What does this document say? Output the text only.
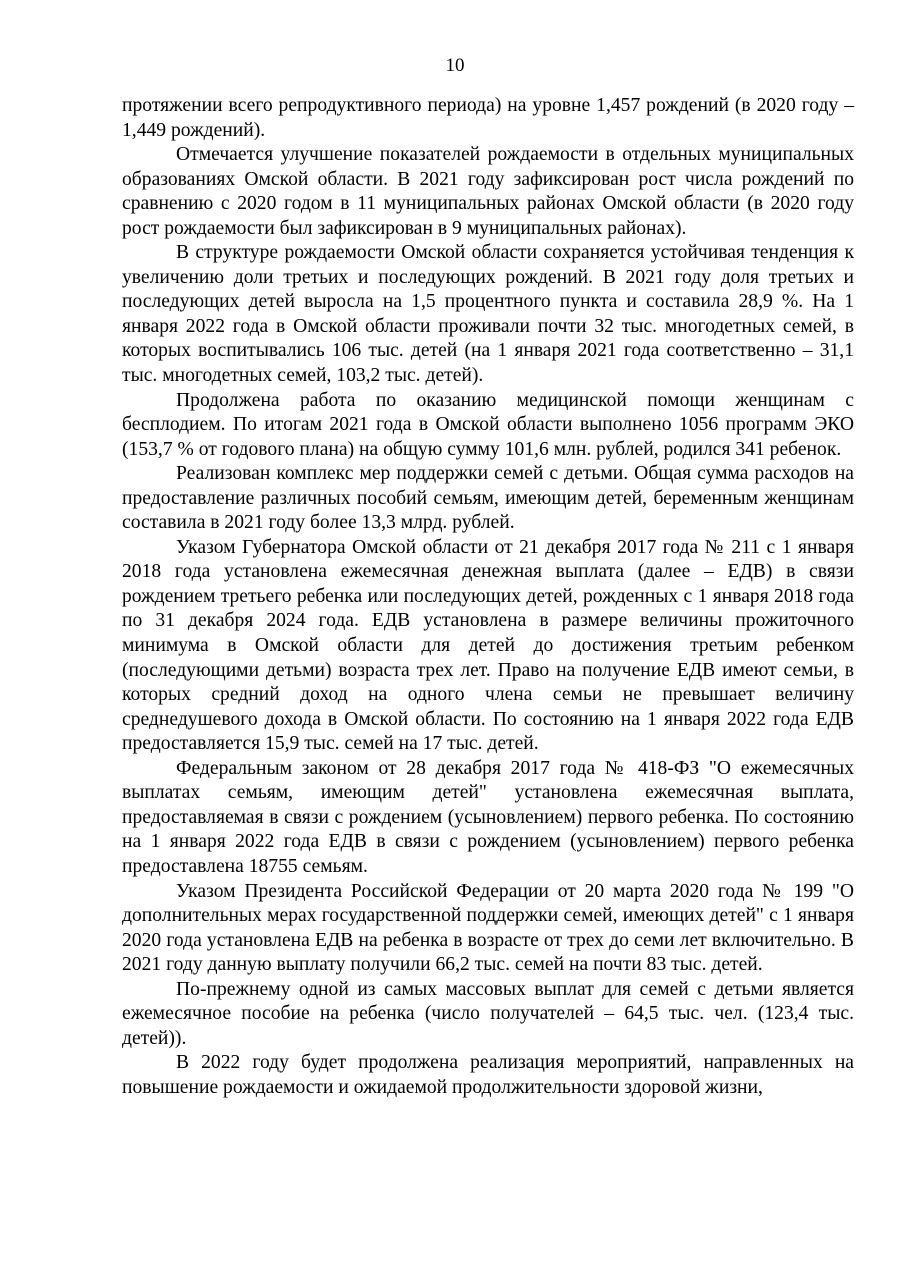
10

протяжении всего репродуктивного периода) на уровне 1,457 рождений (в 2020 году – 1,449 рождений).

Отмечается улучшение показателей рождаемости в отдельных муниципальных образованиях Омской области. В 2021 году зафиксирован рост числа рождений по сравнению с 2020 годом в 11 муниципальных районах Омской области (в 2020 году рост рождаемости был зафиксирован в 9 муниципальных районах).

В структуре рождаемости Омской области сохраняется устойчивая тенденция к увеличению доли третьих и последующих рождений. В 2021 году доля третьих и последующих детей выросла на 1,5 процентного пункта и составила 28,9 %. На 1 января 2022 года в Омской области проживали почти 32 тыс. многодетных семей, в которых воспитывались 106 тыс. детей (на 1 января 2021 года соответственно – 31,1 тыс. многодетных семей, 103,2 тыс. детей).

Продолжена работа по оказанию медицинской помощи женщинам с бесплодием. По итогам 2021 года в Омской области выполнено 1056 программ ЭКО (153,7 % от годового плана) на общую сумму 101,6 млн. рублей, родился 341 ребенок.

Реализован комплекс мер поддержки семей с детьми. Общая сумма расходов на предоставление различных пособий семьям, имеющим детей, беременным женщинам составила в 2021 году более 13,3 млрд. рублей.

Указом Губернатора Омской области от 21 декабря 2017 года № 211 с 1 января 2018 года установлена ежемесячная денежная выплата (далее – ЕДВ) в связи рождением третьего ребенка или последующих детей, рожденных с 1 января 2018 года по 31 декабря 2024 года. ЕДВ установлена в размере величины прожиточного минимума в Омской области для детей до достижения третьим ребенком (последующими детьми) возраста трех лет. Право на получение ЕДВ имеют семьи, в которых средний доход на одного члена семьи не превышает величину среднедушевого дохода в Омской области. По состоянию на 1 января 2022 года ЕДВ предоставляется 15,9 тыс. семей на 17 тыс. детей.

Федеральным законом от 28 декабря 2017 года № 418-ФЗ "О ежемесячных выплатах семьям, имеющим детей" установлена ежемесячная выплата, предоставляемая в связи с рождением (усыновлением) первого ребенка. По состоянию на 1 января 2022 года ЕДВ в связи с рождением (усыновлением) первого ребенка предоставлена 18755 семьям.

Указом Президента Российской Федерации от 20 марта 2020 года № 199 "О дополнительных мерах государственной поддержки семей, имеющих детей" с 1 января 2020 года установлена ЕДВ на ребенка в возрасте от трех до семи лет включительно. В 2021 году данную выплату получили 66,2 тыс. семей на почти 83 тыс. детей.

По-прежнему одной из самых массовых выплат для семей с детьми является ежемесячное пособие на ребенка (число получателей – 64,5 тыс. чел. (123,4 тыс. детей)).

В 2022 году будет продолжена реализация мероприятий, направленных на повышение рождаемости и ожидаемой продолжительности здоровой жизни,
